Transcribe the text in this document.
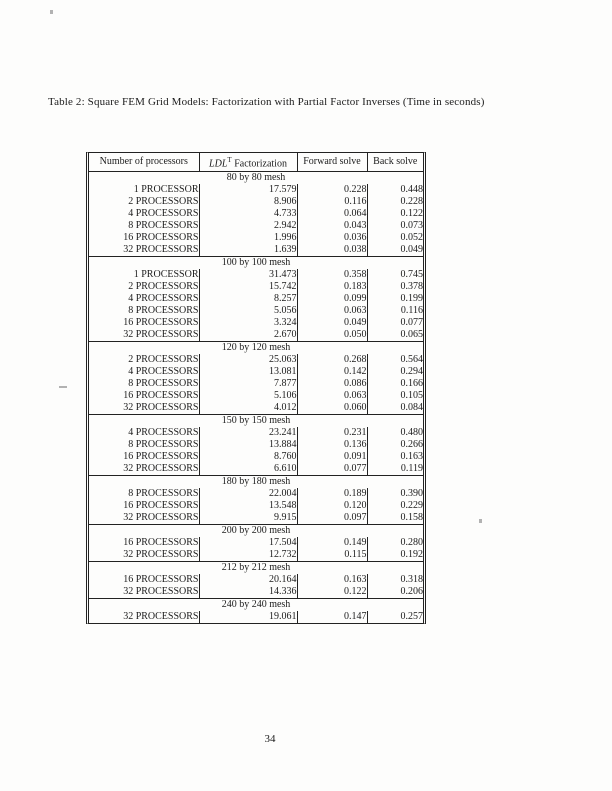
Table 2: Square FEM Grid Models: Factorization with Partial Factor Inverses (Time in seconds)
Number of processors	$LDL^T$ Factorization	Forward solve	Back solve
80 by 80 mesh			
1 PROCESSOR	17.579	0.228	0.448
2 PROCESSORS	8.906	0.116	0.228
4 PROCESSORS	4.733	0.064	0.122
8 PROCESSORS	2.942	0.043	0.073
16 PROCESSORS	1.996	0.036	0.052
32 PROCESSORS	1.639	0.038	0.049
100 by 100 mesh			
1 PROCESSOR	31.473	0.358	0.745
2 PROCESSORS	15.742	0.183	0.378
4 PROCESSORS	8.257	0.099	0.199
8 PROCESSORS	5.056	0.063	0.116
16 PROCESSORS	3.324	0.049	0.077
32 PROCESSORS	2.670	0.050	0.065
120 by 120 mesh			
2 PROCESSORS	25.063	0.268	0.564
4 PROCESSORS	13.081	0.142	0.294
8 PROCESSORS	7.877	0.086	0.166
16 PROCESSORS	5.106	0.063	0.105
32 PROCESSORS	4.012	0.060	0.084
150 by 150 mesh			
4 PROCESSORS	23.241	0.231	0.480
8 PROCESSORS	13.884	0.136	0.266
16 PROCESSORS	8.760	0.091	0.163
32 PROCESSORS	6.610	0.077	0.119
180 by 180 mesh			
8 PROCESSORS	22.004	0.189	0.390
16 PROCESSORS	13.548	0.120	0.229
32 PROCESSORS	9.915	0.097	0.158
200 by 200 mesh			
16 PROCESSORS	17.504	0.149	0.280
32 PROCESSORS	12.732	0.115	0.192
212 by 212 mesh			
16 PROCESSORS	20.164	0.163	0.318
32 PROCESSORS	14.336	0.122	0.206
240 by 240 mesh			
32 PROCESSORS	19.061	0.147	0.257
34
